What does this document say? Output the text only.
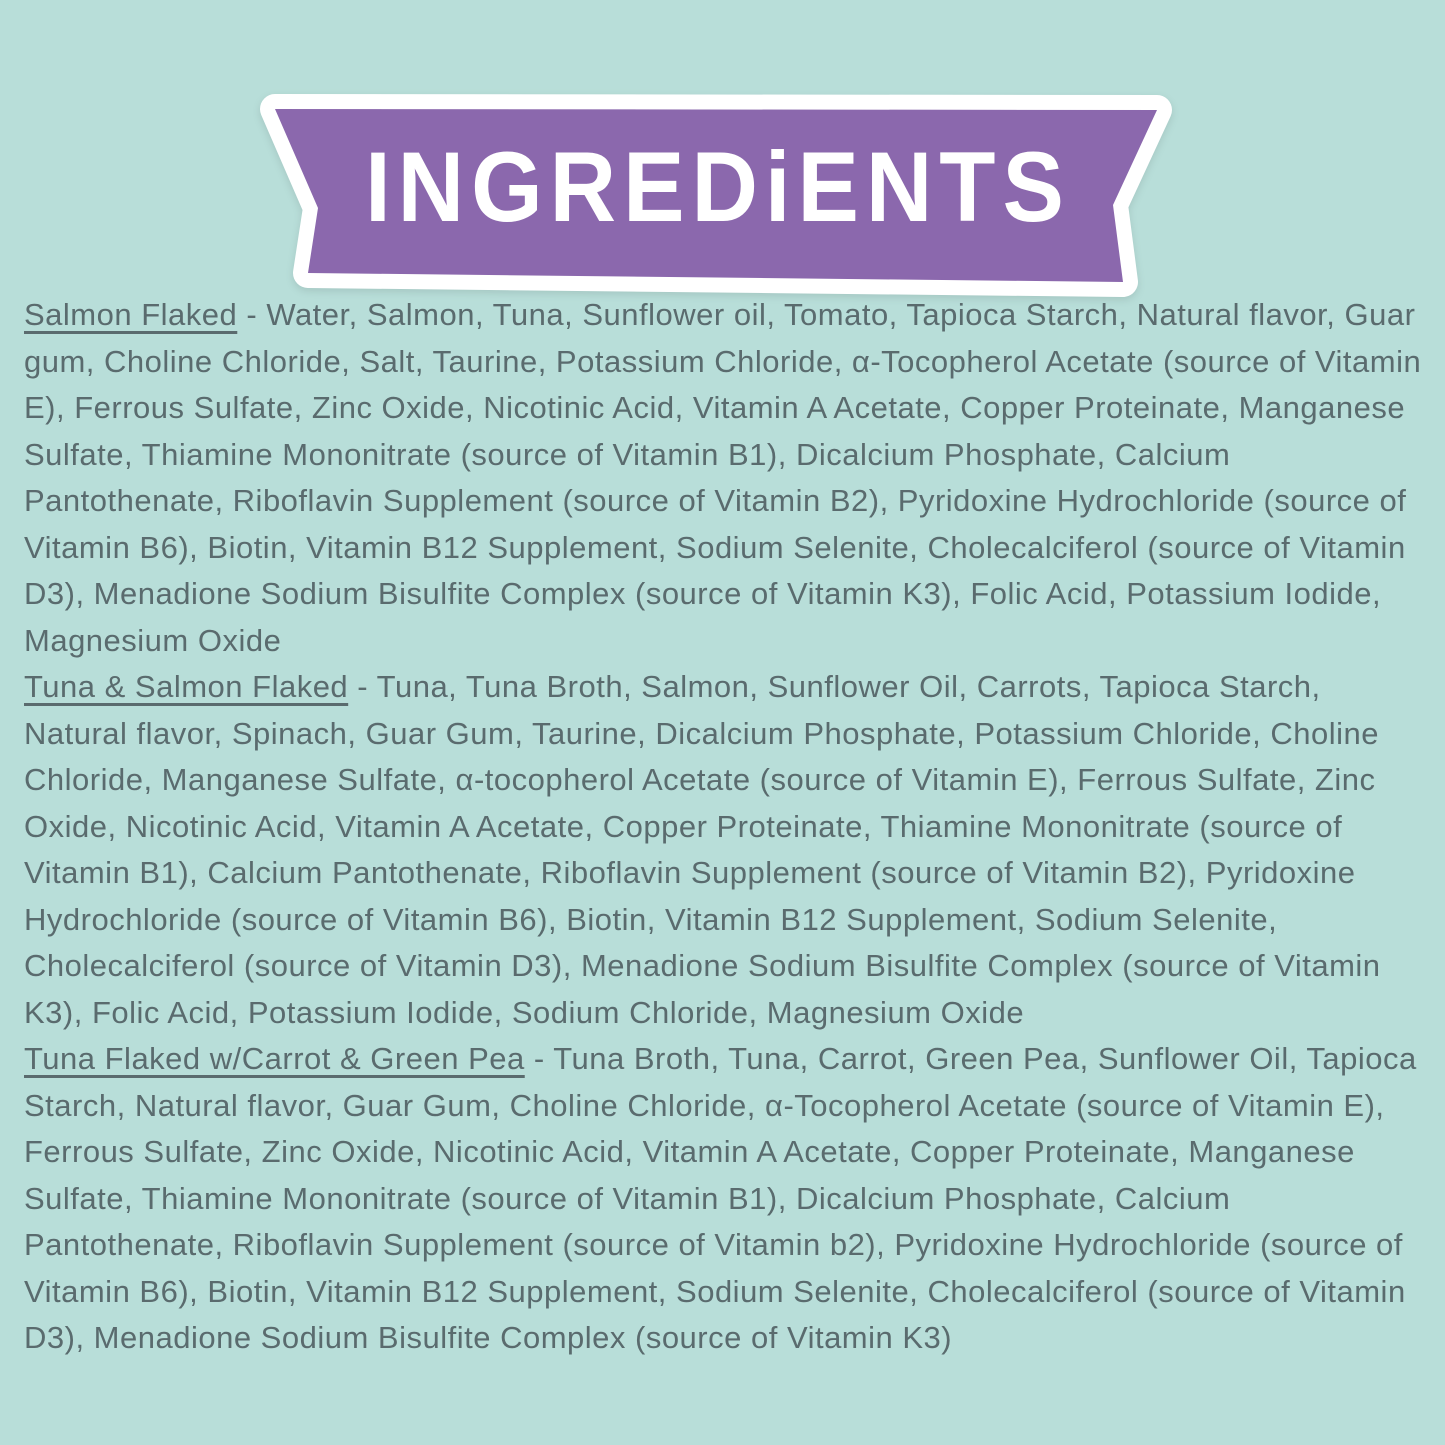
INGREDiENTS

Salmon Flaked - Water, Salmon, Tuna, Sunflower oil, Tomato, Tapioca Starch, Natural flavor, Guar gum, Choline Chloride, Salt, Taurine, Potassium Chloride, α-Tocopherol Acetate (source of Vitamin E), Ferrous Sulfate, Zinc Oxide, Nicotinic Acid, Vitamin A Acetate, Copper Proteinate, Manganese Sulfate, Thiamine Mononitrate (source of Vitamin B1), Dicalcium Phosphate, Calcium Pantothenate, Riboflavin Supplement (source of Vitamin B2), Pyridoxine Hydrochloride (source of Vitamin B6), Biotin, Vitamin B12 Supplement, Sodium Selenite, Cholecalciferol (source of Vitamin D3), Menadione Sodium Bisulfite Complex (source of Vitamin K3), Folic Acid, Potassium Iodide, Magnesium Oxide

Tuna & Salmon Flaked - Tuna, Tuna Broth, Salmon, Sunflower Oil, Carrots, Tapioca Starch, Natural flavor, Spinach, Guar Gum, Taurine, Dicalcium Phosphate, Potassium Chloride, Choline Chloride, Manganese Sulfate, α-tocopherol Acetate (source of Vitamin E), Ferrous Sulfate, Zinc Oxide, Nicotinic Acid, Vitamin A Acetate, Copper Proteinate, Thiamine Mononitrate (source of Vitamin B1), Calcium Pantothenate, Riboflavin Supplement (source of Vitamin B2), Pyridoxine Hydrochloride (source of Vitamin B6), Biotin, Vitamin B12 Supplement, Sodium Selenite, Cholecalciferol (source of Vitamin D3), Menadione Sodium Bisulfite Complex (source of Vitamin K3), Folic Acid, Potassium Iodide, Sodium Chloride, Magnesium Oxide

Tuna Flaked w/Carrot & Green Pea - Tuna Broth, Tuna, Carrot, Green Pea, Sunflower Oil, Tapioca Starch, Natural flavor, Guar Gum, Choline Chloride, α-Tocopherol Acetate (source of Vitamin E), Ferrous Sulfate, Zinc Oxide, Nicotinic Acid, Vitamin A Acetate, Copper Proteinate, Manganese Sulfate, Thiamine Mononitrate (source of Vitamin B1), Dicalcium Phosphate, Calcium Pantothenate, Riboflavin Supplement (source of Vitamin b2), Pyridoxine Hydrochloride (source of Vitamin B6), Biotin, Vitamin B12 Supplement, Sodium Selenite, Cholecalciferol (source of Vitamin D3), Menadione Sodium Bisulfite Complex (source of Vitamin K3)
